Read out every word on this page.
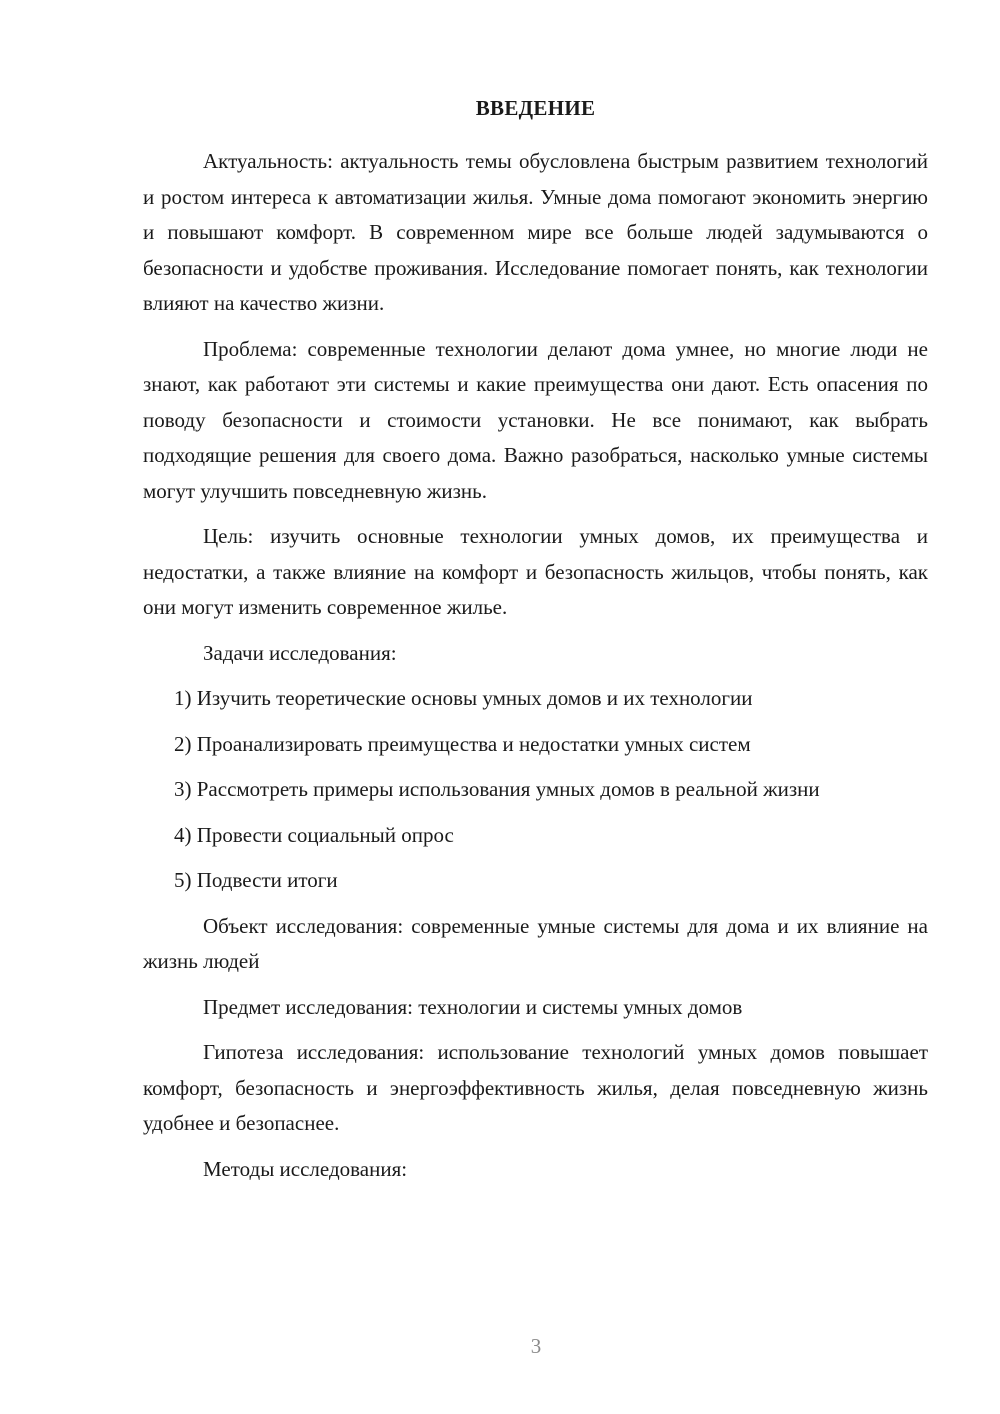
ВВЕДЕНИЕ

Актуальность: актуальность темы обусловлена быстрым развитием технологий и ростом интереса к автоматизации жилья. Умные дома помогают экономить энергию и повышают комфорт. В современном мире все больше людей задумываются о безопасности и удобстве проживания. Исследование помогает понять, как технологии влияют на качество жизни.

Проблема: современные технологии делают дома умнее, но многие люди не знают, как работают эти системы и какие преимущества они дают. Есть опасения по поводу безопасности и стоимости установки. Не все понимают, как выбрать подходящие решения для своего дома. Важно разобраться, насколько умные системы могут улучшить повседневную жизнь.

Цель: изучить основные технологии умных домов, их преимущества и недостатки, а также влияние на комфорт и безопасность жильцов, чтобы понять, как они могут изменить современное жилье.

Задачи исследования:

1) Изучить теоретические основы умных домов и их технологии

2) Проанализировать преимущества и недостатки умных систем

3) Рассмотреть примеры использования умных домов в реальной жизни

4) Провести социальный опрос

5) Подвести итоги

Объект исследования: современные умные системы для дома и их влияние на жизнь людей

Предмет исследования: технологии и системы умных домов

Гипотеза исследования: использование технологий умных домов повышает комфорт, безопасность и энергоэффективность жилья, делая повседневную жизнь удобнее и безопаснее.

Методы исследования:

3
